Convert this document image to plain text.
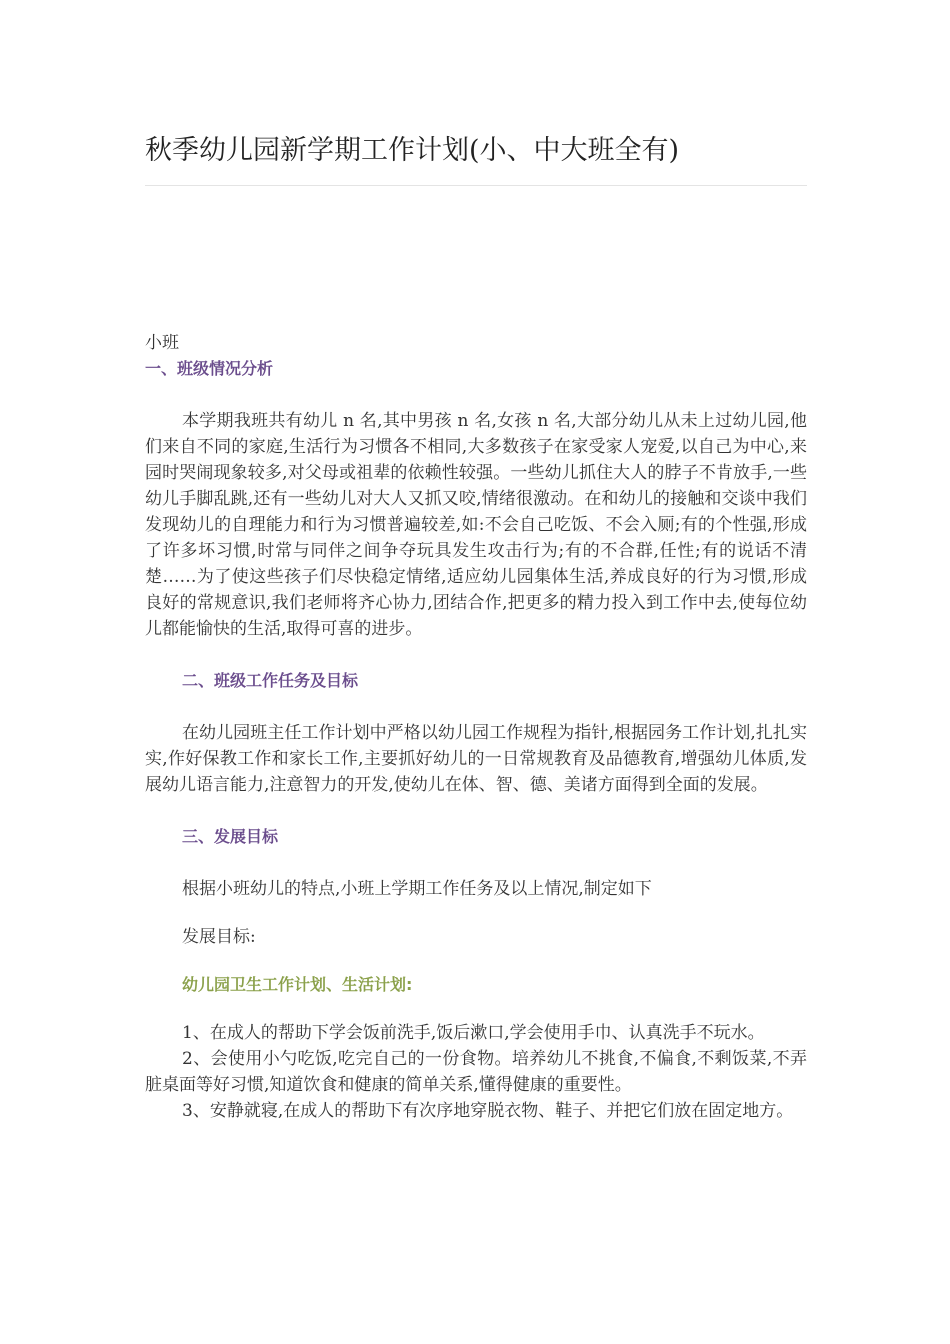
秋季幼儿园新学期工作计划(小、中大班全有)

小班

一、班级情况分析

本学期我班共有幼儿 n 名,其中男孩 n 名,女孩 n 名,大部分幼儿从未上过幼儿园,他们来自不同的家庭,生活行为习惯各不相同,大多数孩子在家受家人宠爱,以自己为中心,来园时哭闹现象较多,对父母或祖辈的依赖性较强。一些幼儿抓住大人的脖子不肯放手,一些幼儿手脚乱跳,还有一些幼儿对大人又抓又咬,情绪很激动。在和幼儿的接触和交谈中我们发现幼儿的自理能力和行为习惯普遍较差,如:不会自己吃饭、不会入厕;有的个性强,形成了许多坏习惯,时常与同伴之间争夺玩具发生攻击行为;有的不合群,任性;有的说话不清楚……为了使这些孩子们尽快稳定情绪,适应幼儿园集体生活,养成良好的行为习惯,形成良好的常规意识,我们老师将齐心协力,团结合作,把更多的精力投入到工作中去,使每位幼儿都能愉快的生活,取得可喜的进步。

二、班级工作任务及目标

在幼儿园班主任工作计划中严格以幼儿园工作规程为指针,根据园务工作计划,扎扎实实,作好保教工作和家长工作,主要抓好幼儿的一日常规教育及品德教育,增强幼儿体质,发展幼儿语言能力,注意智力的开发,使幼儿在体、智、德、美诸方面得到全面的发展。

三、发展目标

根据小班幼儿的特点,小班上学期工作任务及以上情况,制定如下

发展目标:

幼儿园卫生工作计划、生活计划:

1、在成人的帮助下学会饭前洗手,饭后漱口,学会使用手巾、认真洗手不玩水。

2、会使用小勺吃饭,吃完自己的一份食物。培养幼儿不挑食,不偏食,不剩饭菜,不弄脏桌面等好习惯,知道饮食和健康的简单关系,懂得健康的重要性。

3、安静就寝,在成人的帮助下有次序地穿脱衣物、鞋子、并把它们放在固定地方。
